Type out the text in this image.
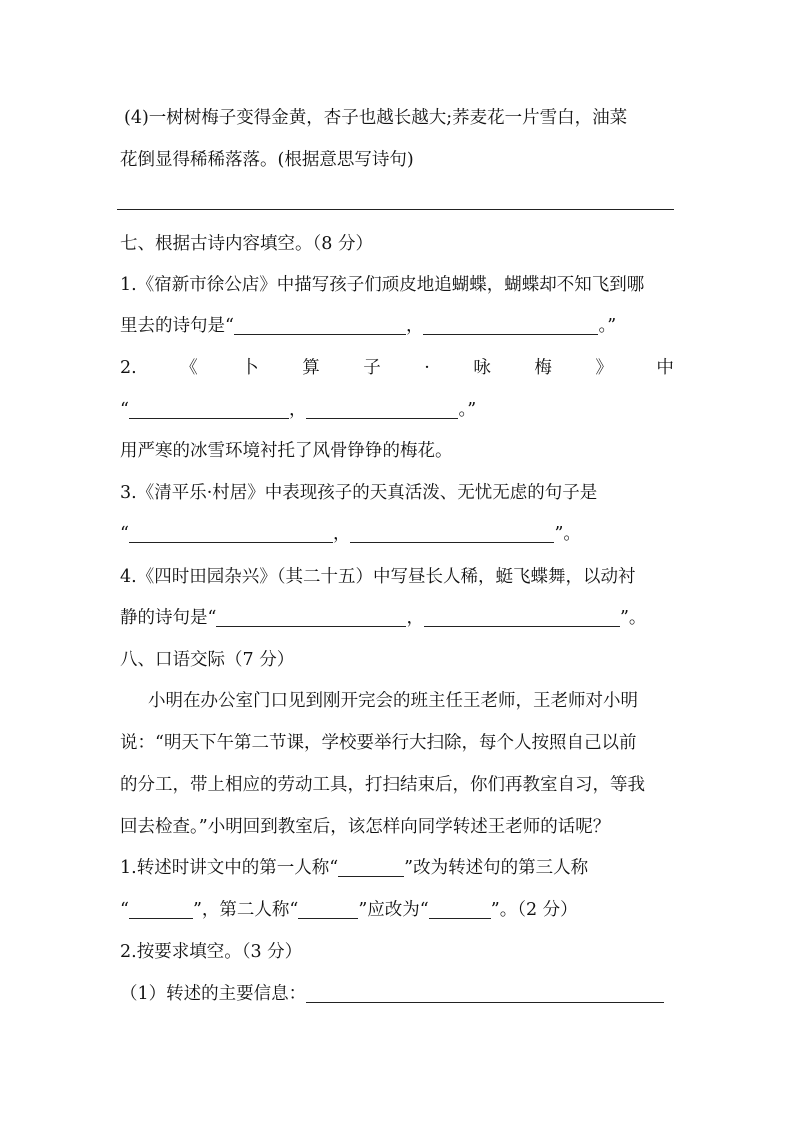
(4)一树树梅子变得金黄，杏子也越长越大;荞麦花一片雪白，油菜
花倒显得稀稀落落。(根据意思写诗句)
七、根据古诗内容填空。（8 分）
1.《宿新市徐公店》中描写孩子们顽皮地追蝴蝶，蝴蝶却不知飞到哪
里去的诗句是“	，	。”
2. 《 卜 算 子 · 咏 梅 》 中
“	，	。”
用严寒的冰雪环境衬托了风骨铮铮的梅花。
3.《清平乐·村居》中表现孩子的天真活泼、无忧无虑的句子是
“	，	”。
4.《四时田园杂兴》（其二十五）中写昼长人稀，蜓飞蝶舞，以动衬
静的诗句是“	，	”。
八、口语交际（7 分）
小明在办公室门口见到刚开完会的班主任王老师，王老师对小明
说：“明天下午第二节课，学校要举行大扫除，每个人按照自己以前
的分工，带上相应的劳动工具，打扫结束后，你们再教室自习，等我
回去检查。”小明回到教室后，该怎样向同学转述王老师的话呢？
1.转述时讲文中的第一人称“	”改为转述句的第三人称
“	”，第二人称“	”应改为“	”。（2 分）
2.按要求填空。（3 分）
（1）转述的主要信息：
